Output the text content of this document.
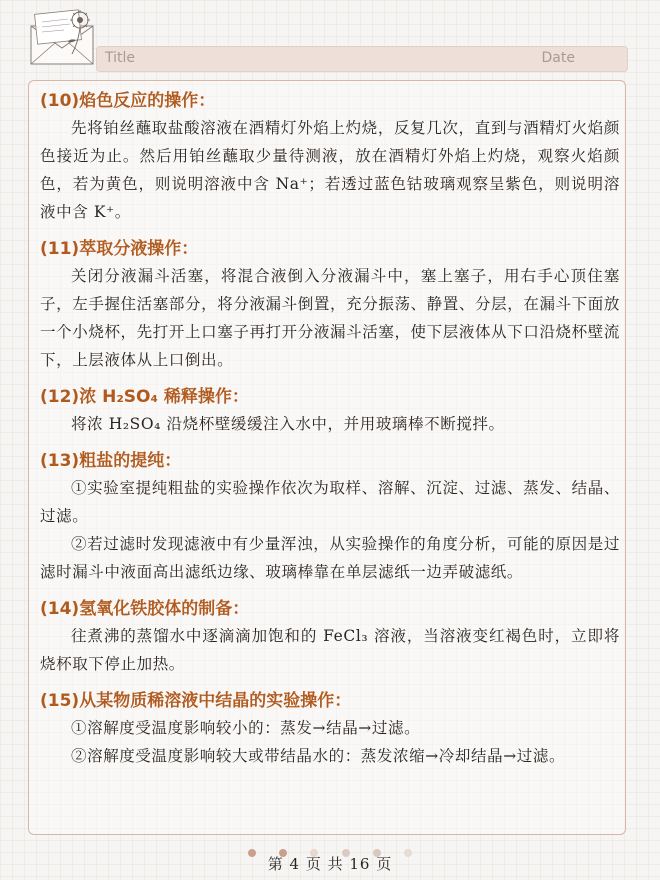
Title	Date
(10)焰色反应的操作：

先将铂丝蘸取盐酸溶液在酒精灯外焰上灼烧，反复几次，直到与酒精灯火焰颜色接近为止。然后用铂丝蘸取少量待测液，放在酒精灯外焰上灼烧，观察火焰颜色，若为黄色，则说明溶液中含 Na⁺；若透过蓝色钴玻璃观察呈紫色，则说明溶液中含 K⁺。

(11)萃取分液操作：

关闭分液漏斗活塞，将混合液倒入分液漏斗中，塞上塞子，用右手心顶住塞子，左手握住活塞部分，将分液漏斗倒置，充分振荡、静置、分层，在漏斗下面放一个小烧杯，先打开上口塞子再打开分液漏斗活塞，使下层液体从下口沿烧杯壁流下，上层液体从上口倒出。

(12)浓 H₂SO₄ 稀释操作：

将浓 H₂SO₄ 沿烧杯壁缓缓注入水中，并用玻璃棒不断搅拌。

(13)粗盐的提纯：

①实验室提纯粗盐的实验操作依次为取样、溶解、沉淀、过滤、蒸发、结晶、过滤。

②若过滤时发现滤液中有少量浑浊，从实验操作的角度分析，可能的原因是过滤时漏斗中液面高出滤纸边缘、玻璃棒靠在单层滤纸一边弄破滤纸。

(14)氢氧化铁胶体的制备：

往煮沸的蒸馏水中逐滴滴加饱和的 FeCl₃ 溶液，当溶液变红褐色时，立即将烧杯取下停止加热。

(15)从某物质稀溶液中结晶的实验操作：

①溶解度受温度影响较小的：蒸发→结晶→过滤。

②溶解度受温度影响较大或带结晶水的：蒸发浓缩→冷却结晶→过滤。

第 4 页 共 16 页
